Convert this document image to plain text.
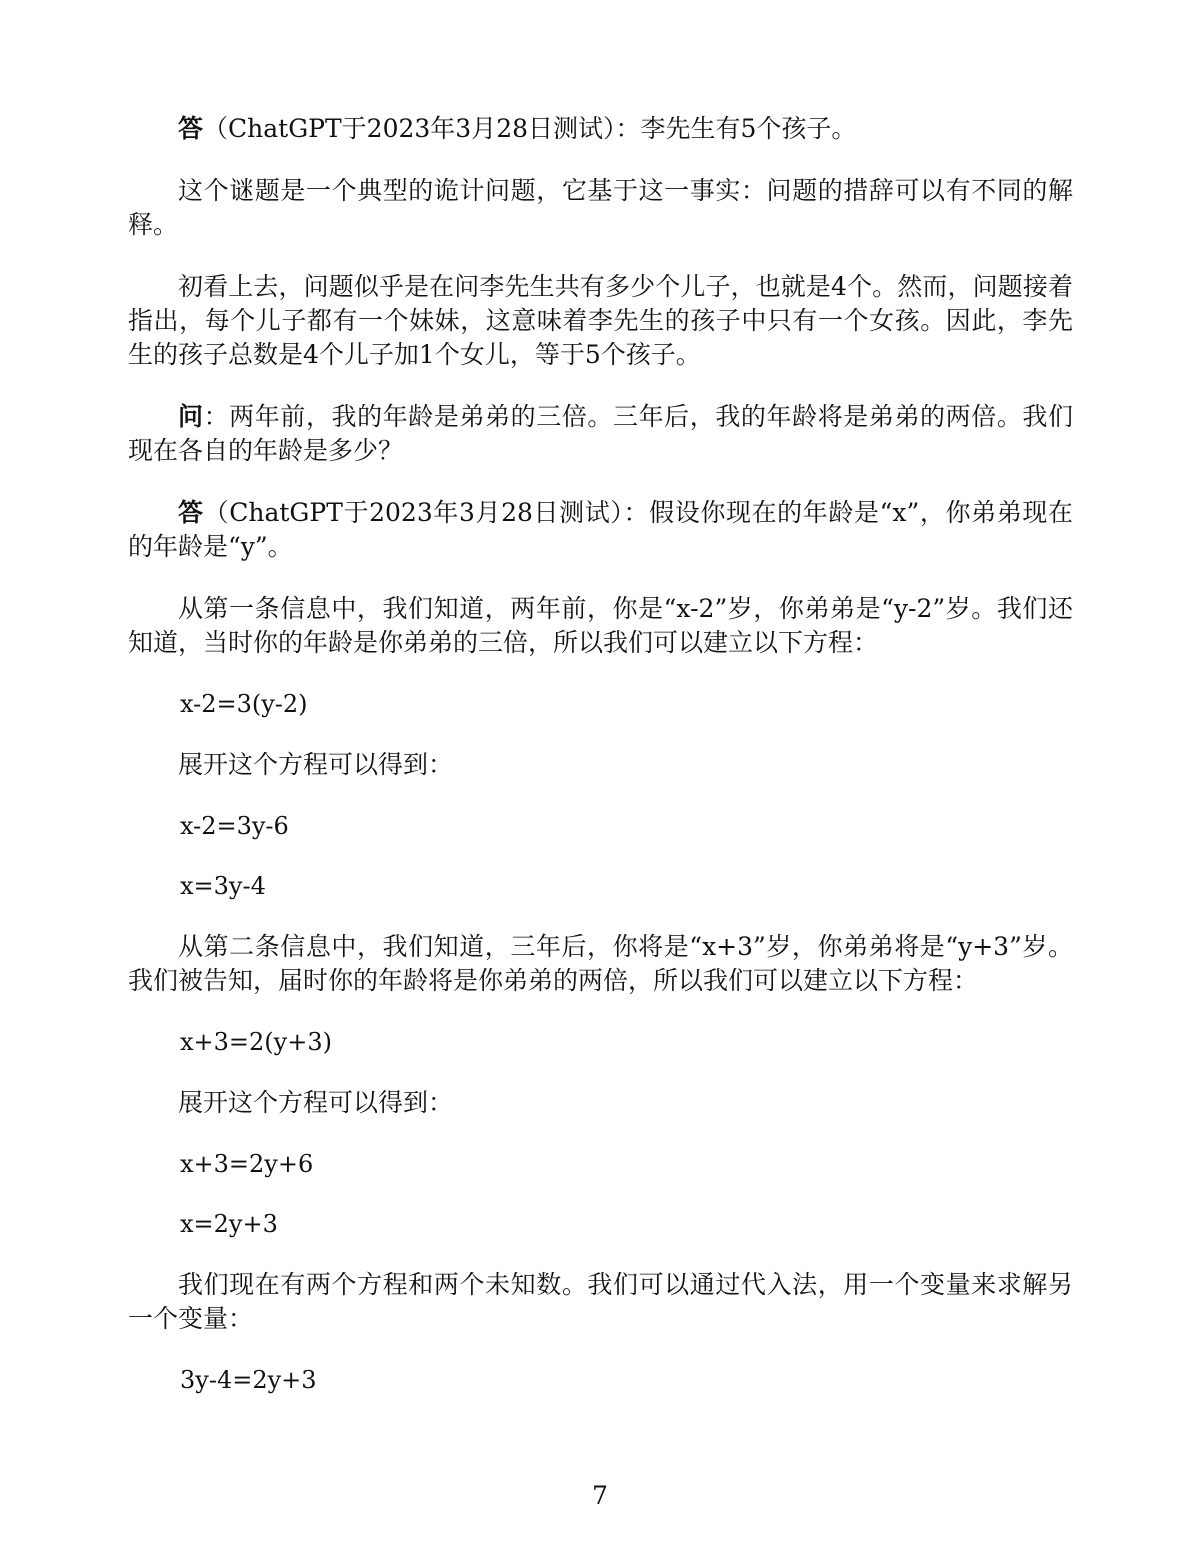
答（ChatGPT于2023年3月28日测试）：李先生有5个孩子。

这个谜题是一个典型的诡计问题，它基于这一事实：问题的措辞可以有不同的解释。

初看上去，问题似乎是在问李先生共有多少个儿子，也就是4个。然而，问题接着指出，每个儿子都有一个妹妹，这意味着李先生的孩子中只有一个女孩。因此，李先生的孩子总数是4个儿子加1个女儿，等于5个孩子。

问：两年前，我的年龄是弟弟的三倍。三年后，我的年龄将是弟弟的两倍。我们现在各自的年龄是多少？

答（ChatGPT于2023年3月28日测试）：假设你现在的年龄是“x”，你弟弟现在的年龄是“y”。

从第一条信息中，我们知道，两年前，你是“x-2”岁，你弟弟是“y-2”岁。我们还知道，当时你的年龄是你弟弟的三倍，所以我们可以建立以下方程：

x-2=3(y-2)

展开这个方程可以得到：

x-2=3y-6

x=3y-4

从第二条信息中，我们知道，三年后，你将是“x+3”岁，你弟弟将是“y+3”岁。我们被告知，届时你的年龄将是你弟弟的两倍，所以我们可以建立以下方程：

x+3=2(y+3)

展开这个方程可以得到：

x+3=2y+6

x=2y+3

我们现在有两个方程和两个未知数。我们可以通过代入法，用一个变量来求解另一个变量：

3y-4=2y+3

7
